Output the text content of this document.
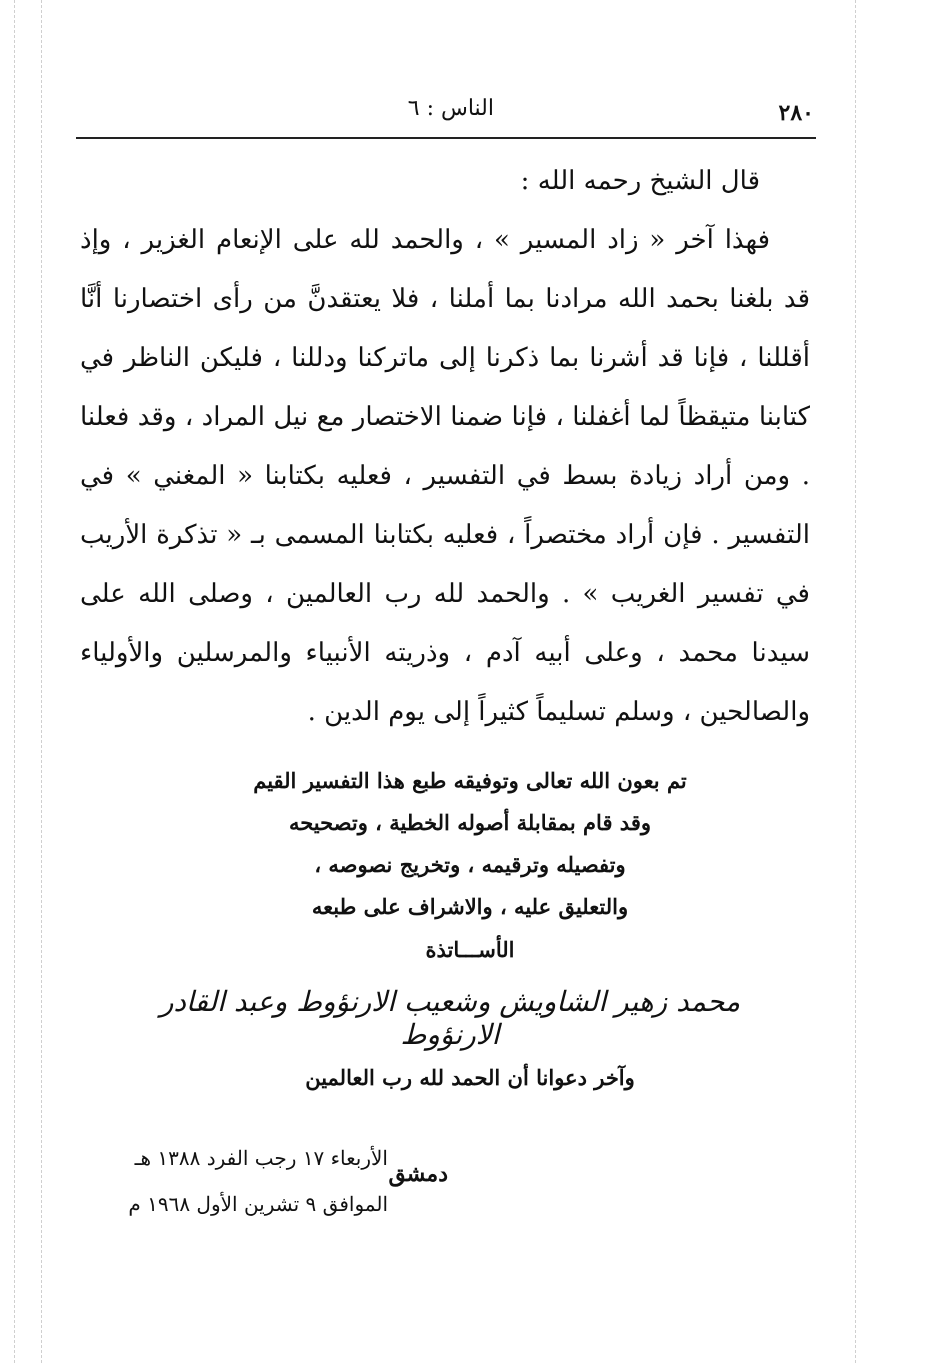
٢٨٠
الناس : ٦

قال الشيخ رحمه الله :

فهذا آخر « زاد المسير » ، والحمد لله على الإنعام الغزير ، وإذ قد بلغنا بحمد الله مرادنا بما أملنا ، فلا يعتقدنَّ من رأى اختصارنا أنَّا أقللنا ، فإنا قد أشرنا بما ذكرنا إلى ماتركنا ودللنا ، فليكن الناظر في كتابنا متيقظاً لما أغفلنا ، فإنا ضمنا الاختصار مع نيل المراد ، وقد فعلنا . ومن أراد زيادة بسط في التفسير ، فعليه بكتابنا « المغني » في التفسير . فإن أراد مختصراً ، فعليه بكتابنا المسمى بـ « تذكرة الأريب في تفسير الغريب » . والحمد لله رب العالمين ، وصلى الله على سيدنا محمد ، وعلى أبيه آدم ، وذريته الأنبياء والمرسلين والأولياء والصالحين ، وسلم تسليماً كثيراً إلى يوم الدين .

تم بعون الله تعالى وتوفيقه طبع هذا التفسير القيم
وقد قام بمقابلة أصوله الخطية ، وتصحيحه
وتفصيله وترقيمه ، وتخريج نصوصه ،
والتعليق عليه ، والاشراف على طبعه
الأســـاتذة
محمد زهير الشاويش وشعيب الارنؤوط وعبد القادر الارنؤوط
وآخر دعوانا أن الحمد لله رب العالمين
دمشق
الأربعاء ١٧ رجب الفرد ١٣٨٨ هـ
الموافق ٩ تشرين الأول ١٩٦٨ م
